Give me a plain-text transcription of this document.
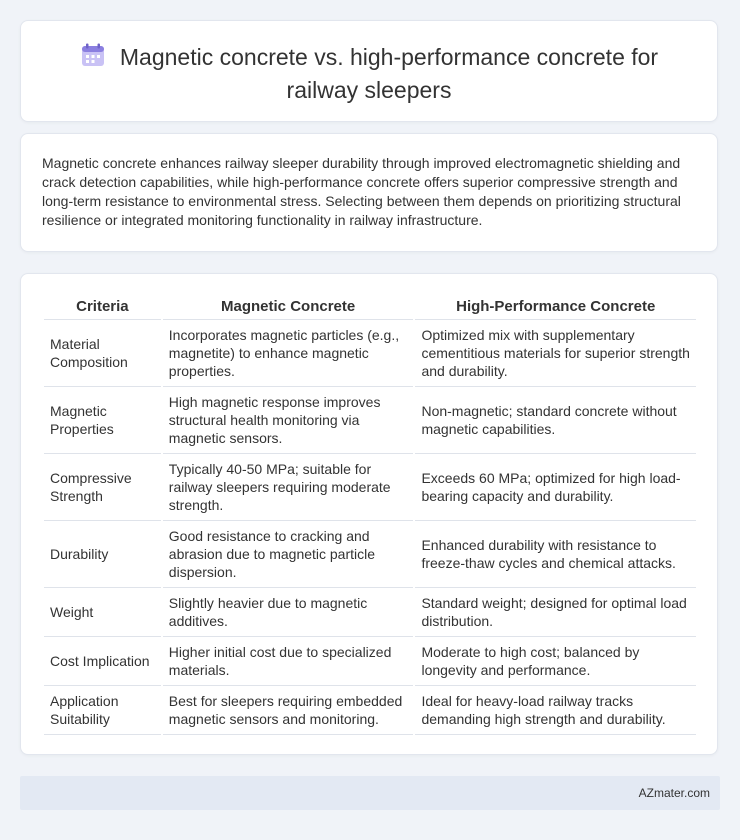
Magnetic concrete vs. high-performance concrete for railway sleepers

Magnetic concrete enhances railway sleeper durability through improved electromagnetic shielding and crack detection capabilities, while high-performance concrete offers superior compressive strength and long-term resistance to environmental stress. Selecting between them depends on prioritizing structural resilience or integrated monitoring functionality in railway infrastructure.

Criteria	Magnetic Concrete	High-Performance Concrete
Material Composition	Incorporates magnetic particles (e.g., magnetite) to enhance magnetic properties.	Optimized mix with supplementary cementitious materials for superior strength and durability.
Magnetic Properties	High magnetic response improves structural health monitoring via magnetic sensors.	Non-magnetic; standard concrete without magnetic capabilities.
Compressive Strength	Typically 40-50 MPa; suitable for railway sleepers requiring moderate strength.	Exceeds 60 MPa; optimized for high load-bearing capacity and durability.
Durability	Good resistance to cracking and abrasion due to magnetic particle dispersion.	Enhanced durability with resistance to freeze-thaw cycles and chemical attacks.
Weight	Slightly heavier due to magnetic additives.	Standard weight; designed for optimal load distribution.
Cost Implication	Higher initial cost due to specialized materials.	Moderate to high cost; balanced by longevity and performance.
Application Suitability	Best for sleepers requiring embedded magnetic sensors and monitoring.	Ideal for heavy-load railway tracks demanding high strength and durability.
AZmater.com
